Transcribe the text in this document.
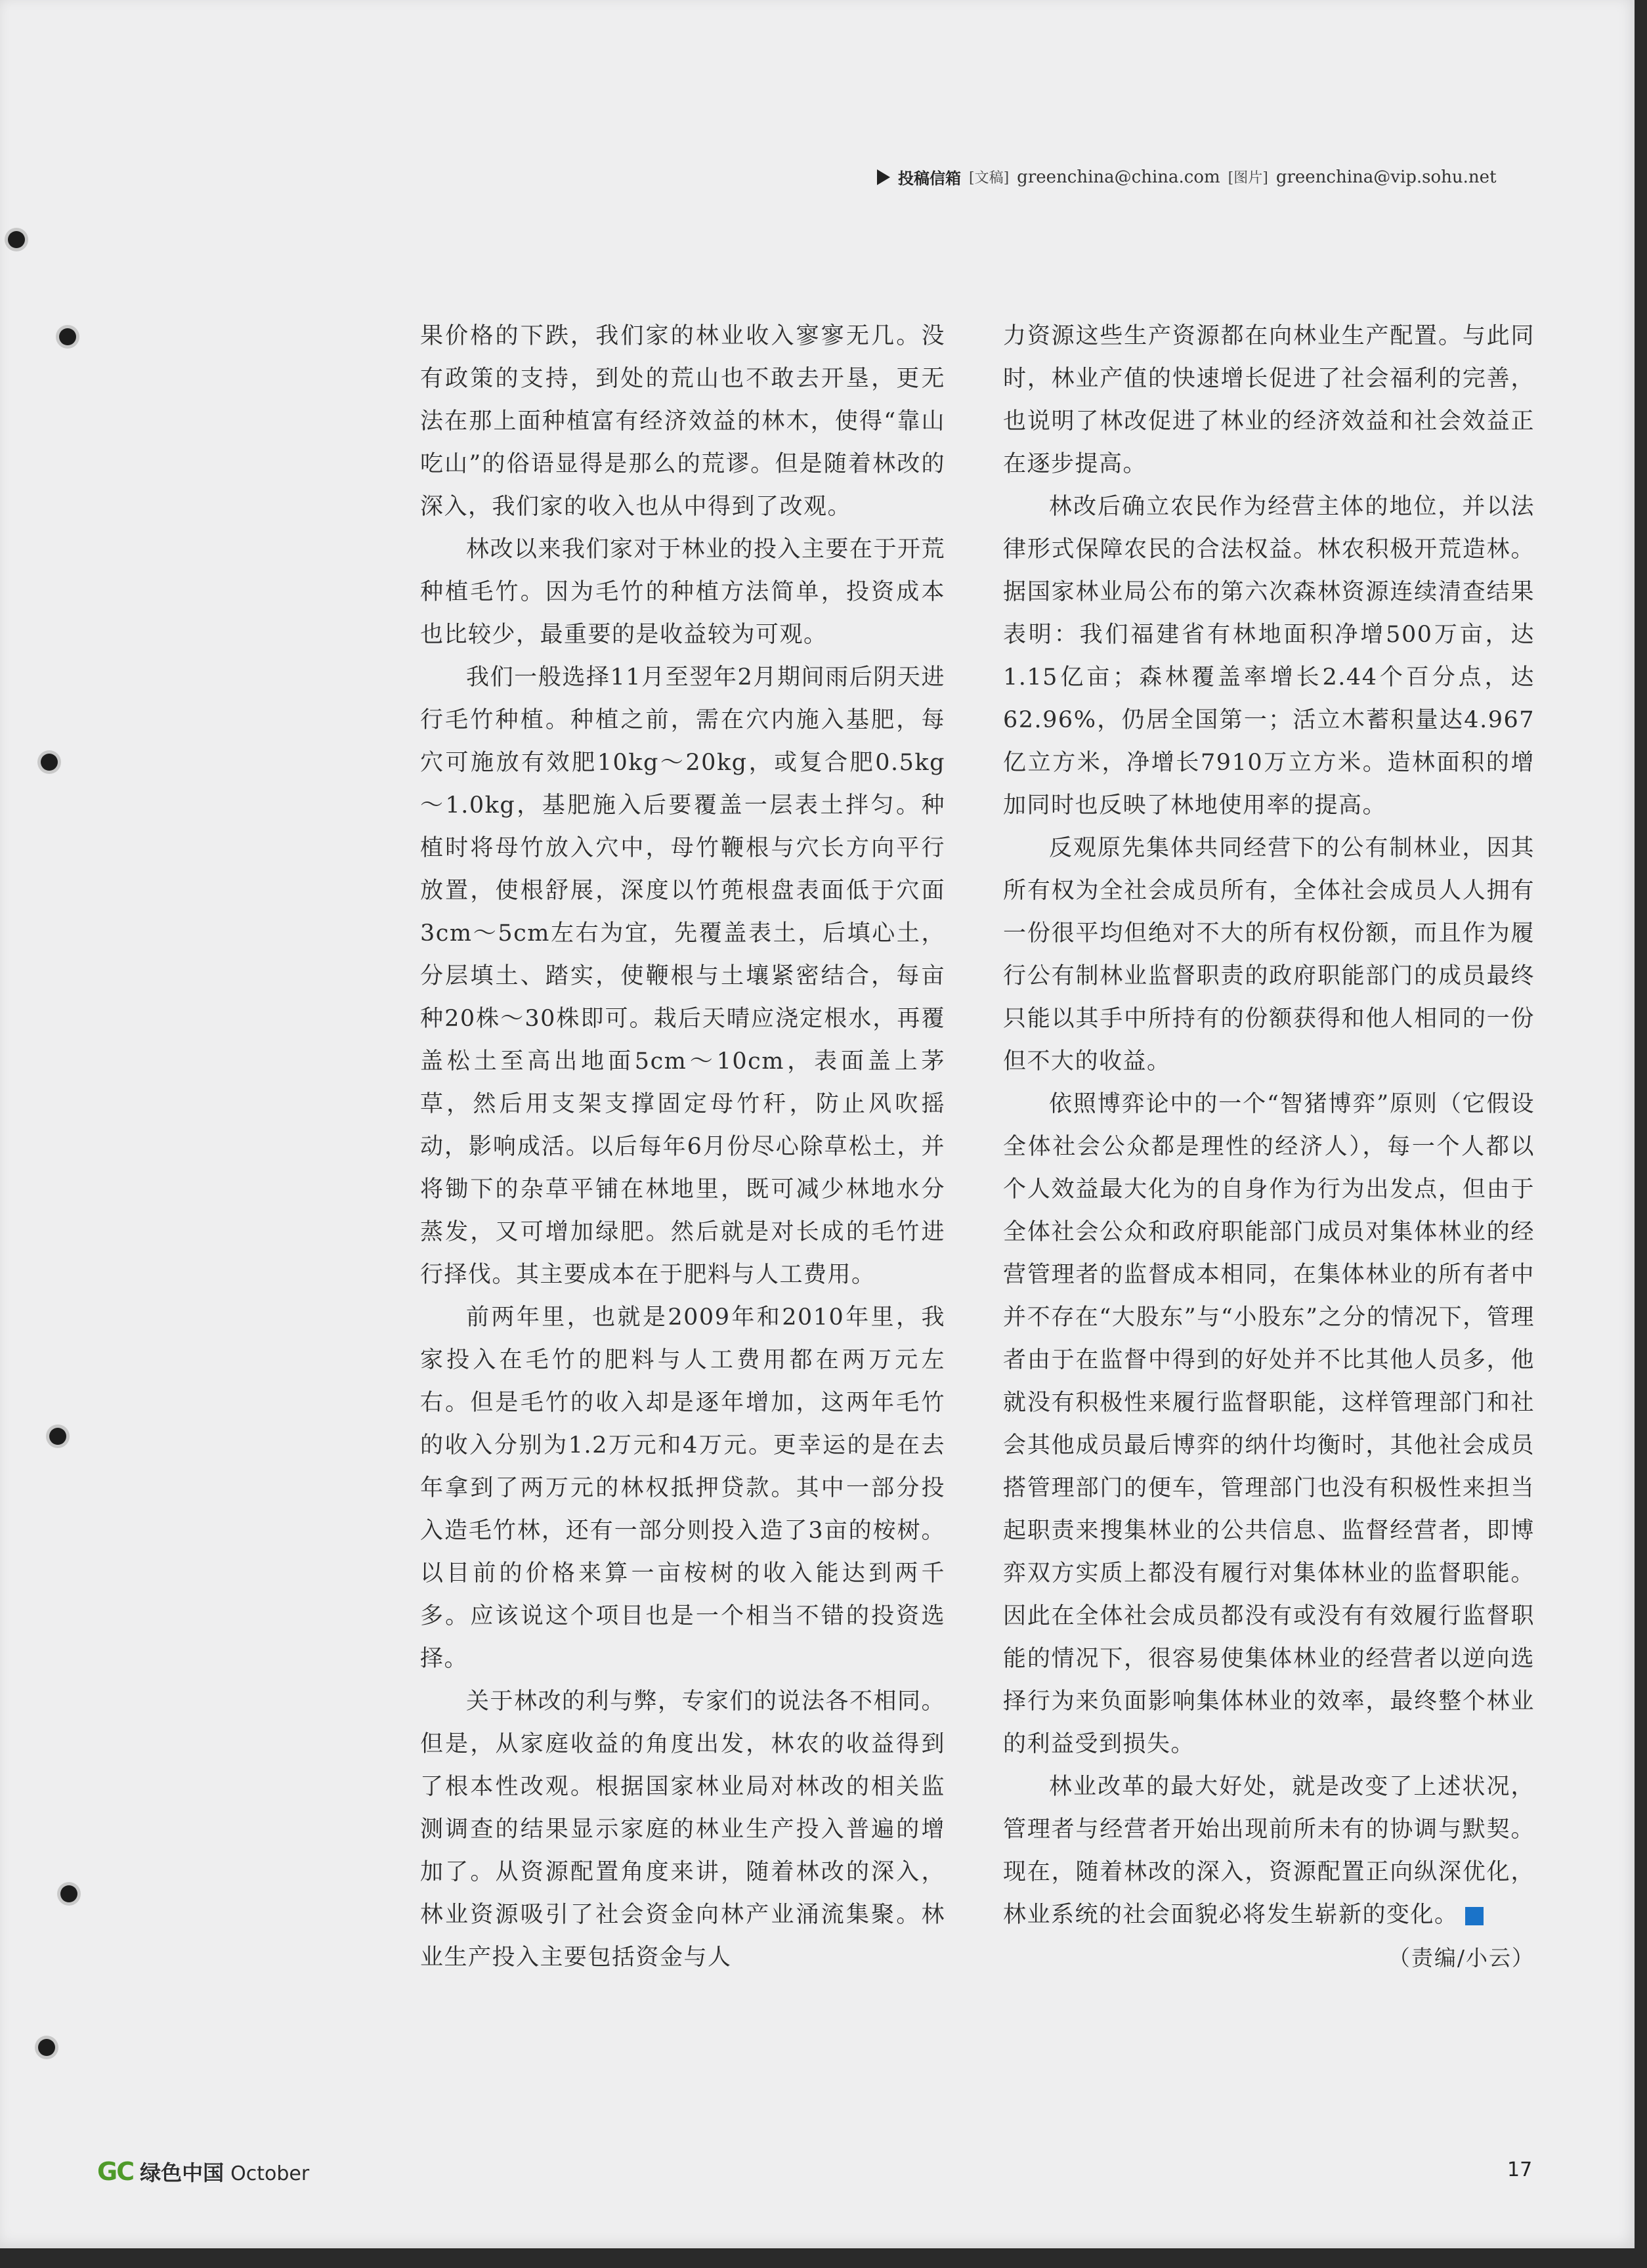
投稿信箱 [文稿] greenchina@china.com [图片] greenchina@vip.sohu.net

果价格的下跌，我们家的林业收入寥寥无几。没有政策的支持，到处的荒山也不敢去开垦，更无法在那上面种植富有经济效益的林木，使得“靠山吃山”的俗语显得是那么的荒谬。但是随着林改的深入，我们家的收入也从中得到了改观。

林改以来我们家对于林业的投入主要在于开荒种植毛竹。因为毛竹的种植方法简单，投资成本也比较少，最重要的是收益较为可观。

我们一般选择11月至翌年2月期间雨后阴天进行毛竹种植。种植之前，需在穴内施入基肥，每穴可施放有效肥10kg～20kg，或复合肥0.5kg～1.0kg，基肥施入后要覆盖一层表土拌匀。种植时将母竹放入穴中，母竹鞭根与穴长方向平行放置，使根舒展，深度以竹蔸根盘表面低于穴面3cm～5cm左右为宜，先覆盖表土，后填心土，分层填土、踏实，使鞭根与土壤紧密结合，每亩种20株～30株即可。栽后天晴应浇定根水，再覆盖松土至高出地面5cm～10cm，表面盖上茅草，然后用支架支撑固定母竹秆，防止风吹摇动，影响成活。以后每年6月份尽心除草松土，并将锄下的杂草平铺在林地里，既可减少林地水分蒸发，又可增加绿肥。然后就是对长成的毛竹进行择伐。其主要成本在于肥料与人工费用。

前两年里，也就是2009年和2010年里，我家投入在毛竹的肥料与人工费用都在两万元左右。但是毛竹的收入却是逐年增加，这两年毛竹的收入分别为1.2万元和4万元。更幸运的是在去年拿到了两万元的林权抵押贷款。其中一部分投入造毛竹林，还有一部分则投入造了3亩的桉树。以目前的价格来算一亩桉树的收入能达到两千多。应该说这个项目也是一个相当不错的投资选择。

关于林改的利与弊，专家们的说法各不相同。但是，从家庭收益的角度出发，林农的收益得到了根本性改观。根据国家林业局对林改的相关监测调查的结果显示家庭的林业生产投入普遍的增加了。从资源配置角度来讲，随着林改的深入，林业资源吸引了社会资金向林产业涌流集聚。林业生产投入主要包括资金与人

力资源这些生产资源都在向林业生产配置。与此同时，林业产值的快速增长促进了社会福利的完善，也说明了林改促进了林业的经济效益和社会效益正在逐步提高。

林改后确立农民作为经营主体的地位，并以法律形式保障农民的合法权益。林农积极开荒造林。据国家林业局公布的第六次森林资源连续清查结果表明：我们福建省有林地面积净增500万亩，达1.15亿亩；森林覆盖率增长2.44个百分点，达62.96%，仍居全国第一；活立木蓄积量达4.967亿立方米，净增长7910万立方米。造林面积的增加同时也反映了林地使用率的提高。

反观原先集体共同经营下的公有制林业，因其所有权为全社会成员所有，全体社会成员人人拥有一份很平均但绝对不大的所有权份额，而且作为履行公有制林业监督职责的政府职能部门的成员最终只能以其手中所持有的份额获得和他人相同的一份但不大的收益。

依照博弈论中的一个“智猪博弈”原则（它假设全体社会公众都是理性的经济人），每一个人都以个人效益最大化为的自身作为行为出发点，但由于全体社会公众和政府职能部门成员对集体林业的经营管理者的监督成本相同，在集体林业的所有者中并不存在“大股东”与“小股东”之分的情况下，管理者由于在监督中得到的好处并不比其他人员多，他就没有积极性来履行监督职能，这样管理部门和社会其他成员最后博弈的纳什均衡时，其他社会成员搭管理部门的便车，管理部门也没有积极性来担当起职责来搜集林业的公共信息、监督经营者，即博弈双方实质上都没有履行对集体林业的监督职能。因此在全体社会成员都没有或没有有效履行监督职能的情况下，很容易使集体林业的经营者以逆向选择行为来负面影响集体林业的效率，最终整个林业的利益受到损失。

林业改革的最大好处，就是改变了上述状况，管理者与经营者开始出现前所未有的协调与默契。现在，随着林改的深入，资源配置正向纵深优化，林业系统的社会面貌必将发生崭新的变化。
（责编/小云）

GC 绿色中国 October	17
